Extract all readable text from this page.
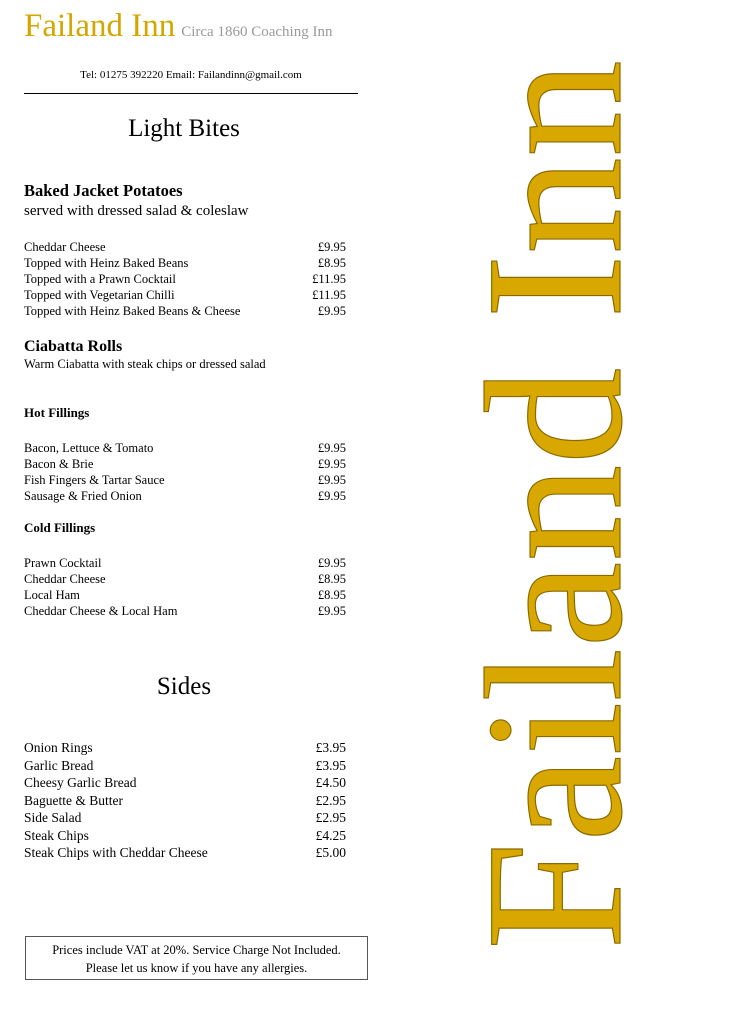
Failand Inn Circa 1860 Coaching Inn
Tel: 01275 392220 Email: Failandinn@gmail.com
Light Bites
Baked Jacket Potatoes
served with dressed salad & coleslaw
Cheddar Cheese	£9.95
Topped with Heinz Baked Beans	£8.95
Topped with a Prawn Cocktail	£11.95
Topped with Vegetarian Chilli	£11.95
Topped with Heinz Baked Beans & Cheese	£9.95
Ciabatta Rolls
Warm Ciabatta with steak chips or dressed salad
Hot Fillings
Bacon, Lettuce & Tomato	£9.95
Bacon & Brie	£9.95
Fish Fingers & Tartar Sauce	£9.95
Sausage & Fried Onion	£9.95
Cold Fillings
Prawn Cocktail	£9.95
Cheddar Cheese	£8.95
Local Ham	£8.95
Cheddar Cheese & Local Ham	£9.95
Sides
Onion Rings	£3.95
Garlic Bread	£3.95
Cheesy Garlic Bread	£4.50
Baguette & Butter	£2.95
Side Salad	£2.95
Steak Chips	£4.25
Steak Chips with Cheddar Cheese	£5.00
Prices include VAT at 20%. Service Charge Not Included.
Please let us know if you have any allergies.
Failand Inn
